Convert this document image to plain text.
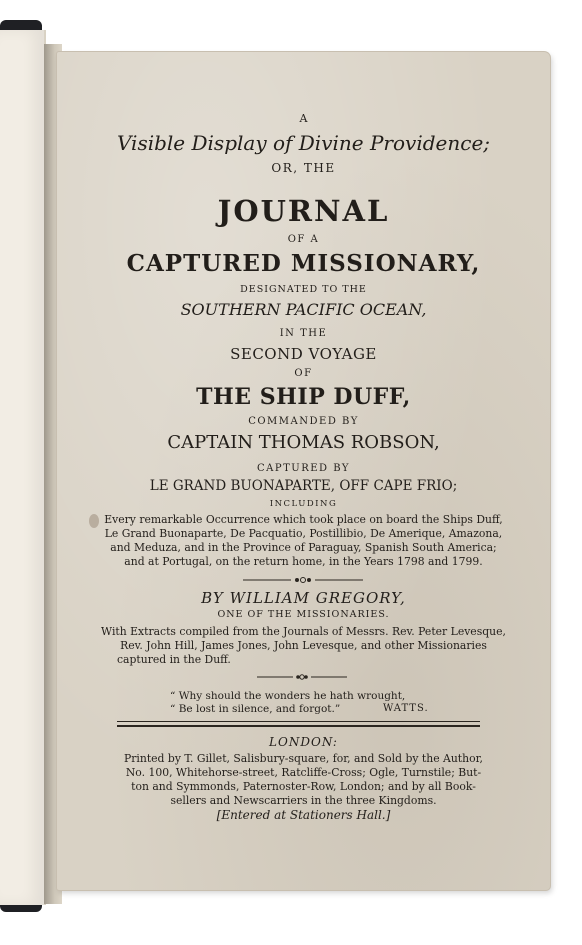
A
Visible Display of Divine Providence;
OR, THE
JOURNAL
OF A
CAPTURED MISSIONARY,
DESIGNATED TO THE
SOUTHERN PACIFIC OCEAN,
IN THE
SECOND VOYAGE
OF
THE SHIP DUFF,
COMMANDED BY
CAPTAIN THOMAS ROBSON,
CAPTURED BY
LE GRAND BUONAPARTE, OFF CAPE FRIO;
INCLUDING
Every remarkable Occurrence which took place on board the Ships Duff,
Le Grand Buonaparte, De Pacquatio, Postillibio, De Amerique, Amazona,
and Meduza, and in the Province of Paraguay, Spanish South America;
and at Portugal, on the return home, in the Years 1798 and 1799.
BY WILLIAM GREGORY,
ONE OF THE MISSIONARIES.
With Extracts compiled from the Journals of Messrs. Rev. Peter Levesque,
Rev. John Hill, James Jones, John Levesque, and other Missionaries
captured in the Duff.
“ Why should the wonders he hath wrought,
“ Be lost in silence, and forgot.”	WATTS.
LONDON:
Printed by T. Gillet, Salisbury-square, for, and Sold by the Author,
No. 100, Whitehorse-street, Ratcliffe-Cross; Ogle, Turnstile; But-
ton and Symmonds, Paternoster-Row, London; and by all Book-
sellers and Newscarriers in the three Kingdoms.
[Entered at Stationers Hall.]
